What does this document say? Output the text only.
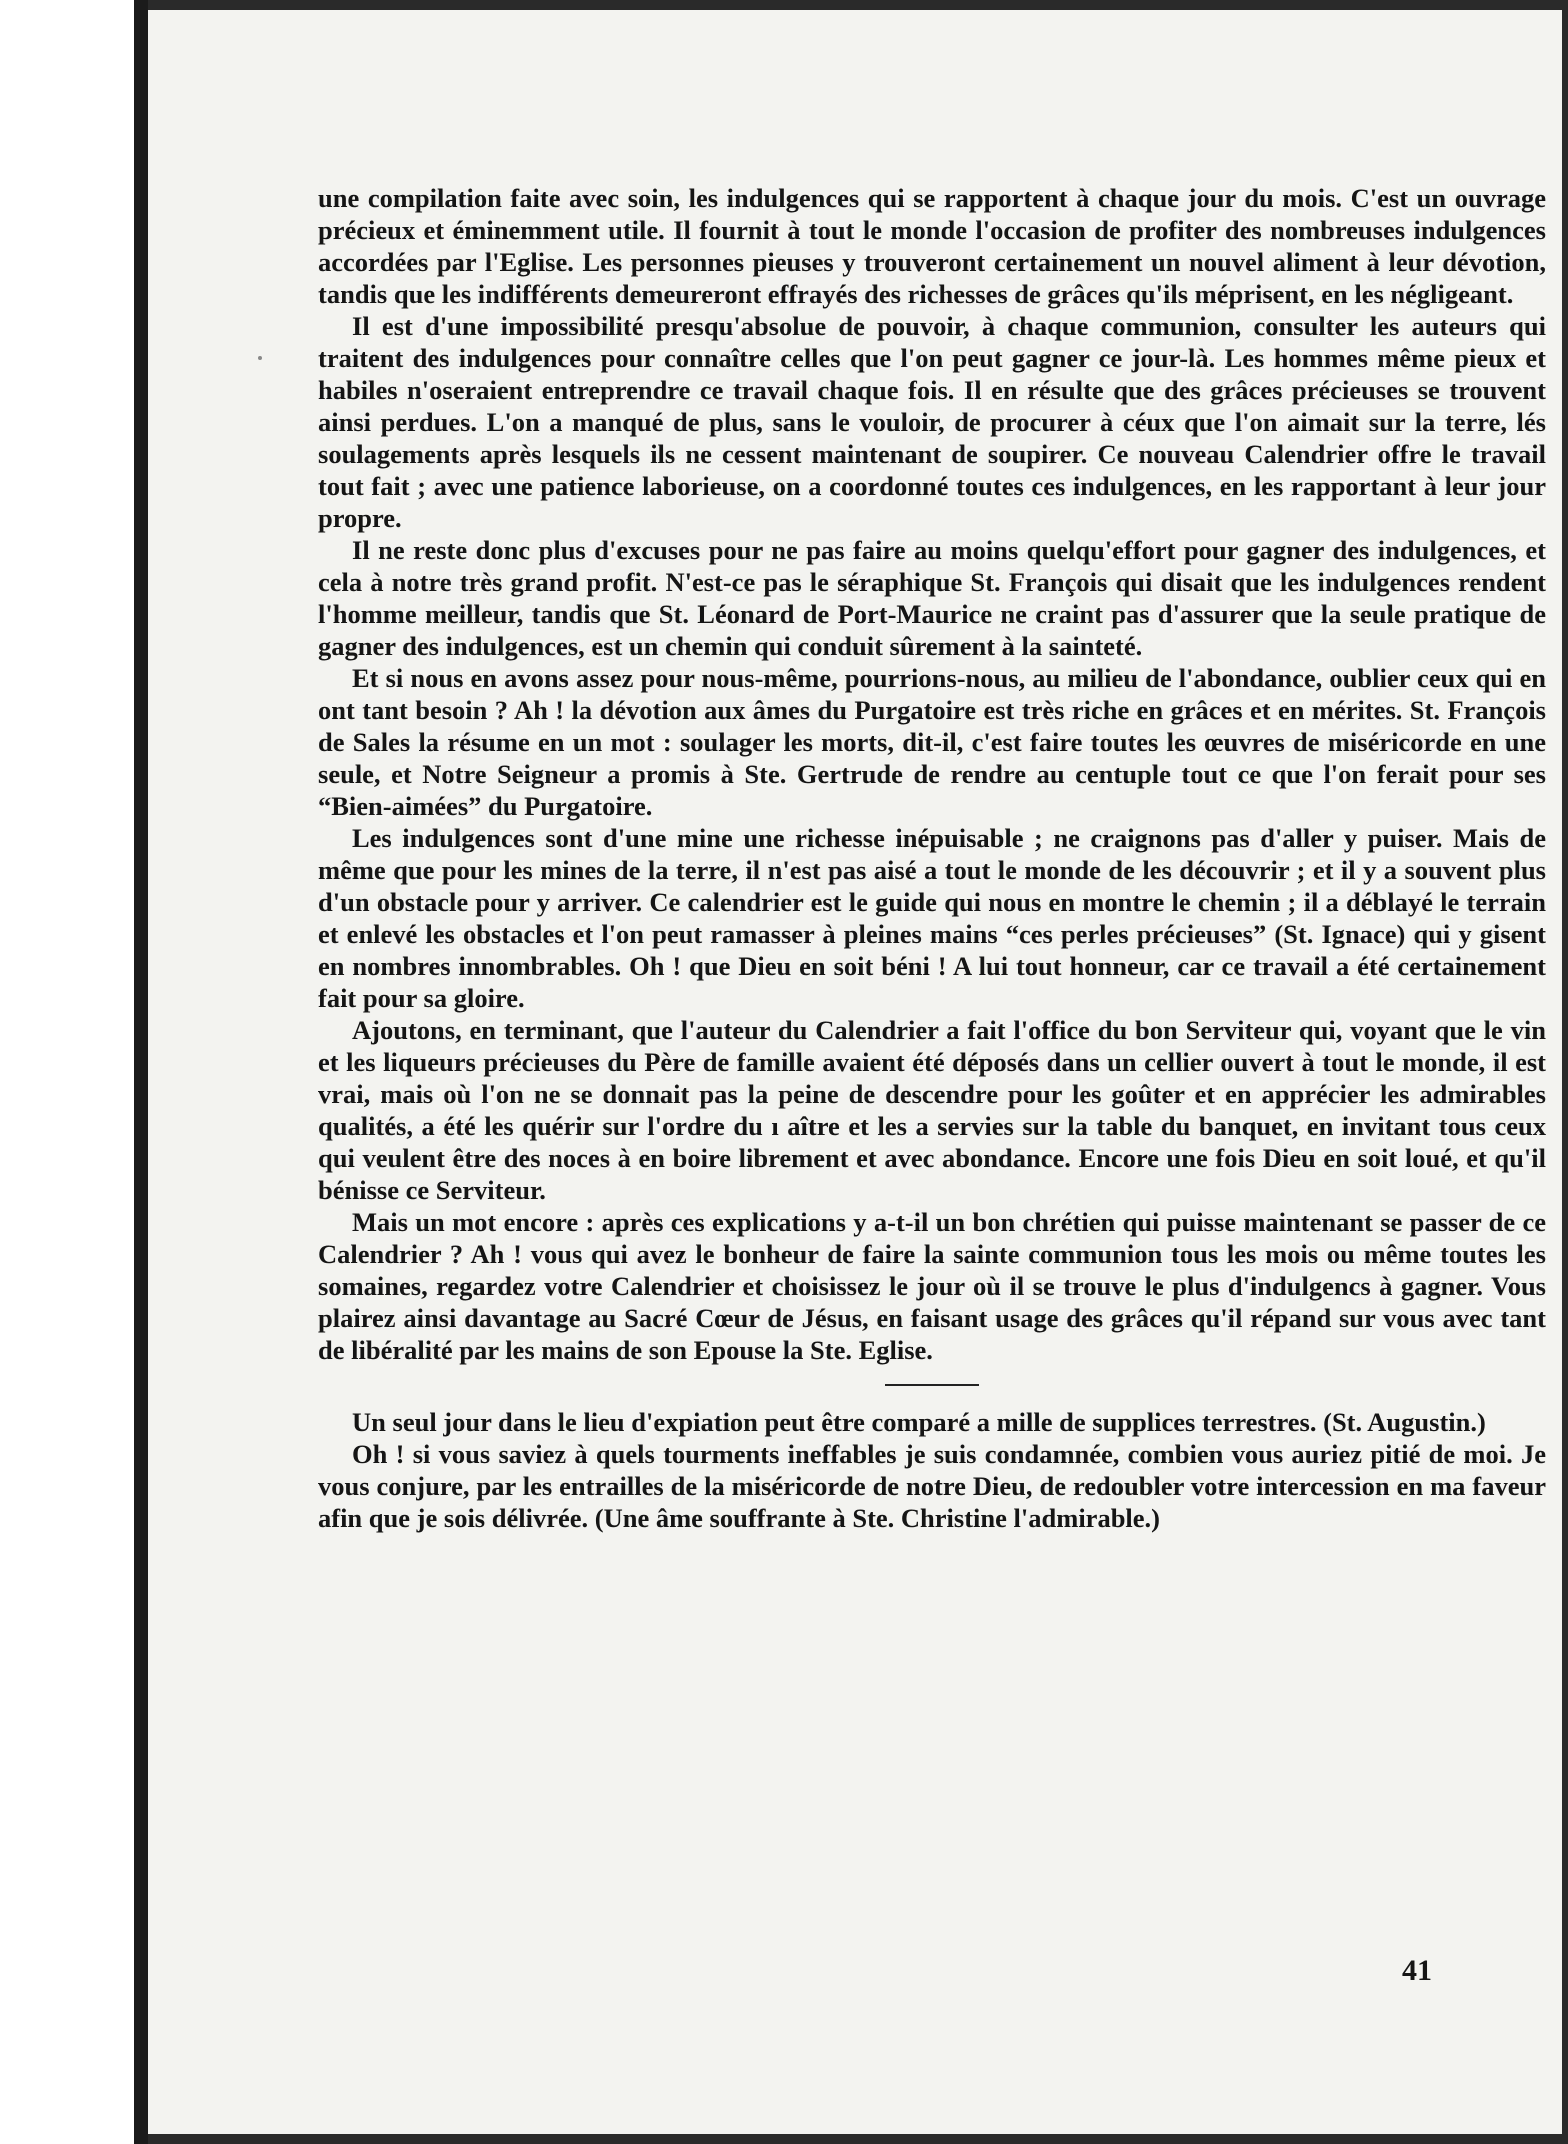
une compilation faite avec soin, les indulgences qui se rapportent à chaque jour du mois. C'est un ouvrage précieux et éminemment utile. Il fournit à tout le monde l'occasion de profiter des nombreuses indulgences accordées par l'Eglise. Les personnes pieuses y trouveront certainement un nouvel aliment à leur dévotion, tandis que les indifférents demeureront effrayés des richesses de grâces qu'ils méprisent, en les négligeant.

Il est d'une impossibilité presqu'absolue de pouvoir, à chaque communion, consulter les auteurs qui traitent des indulgences pour connaître celles que l'on peut gagner ce jour-là. Les hommes même pieux et habiles n'oseraient entreprendre ce travail chaque fois. Il en résulte que des grâces précieuses se trouvent ainsi perdues. L'on a manqué de plus, sans le vouloir, de procurer à céux que l'on aimait sur la terre, lés soulagements après lesquels ils ne cessent maintenant de soupirer. Ce nouveau Calendrier offre le travail tout fait ; avec une patience laborieuse, on a coordonné toutes ces indulgences, en les rapportant à leur jour propre.

Il ne reste donc plus d'excuses pour ne pas faire au moins quelqu'effort pour gagner des indulgences, et cela à notre très grand profit. N'est-ce pas le séraphique St. François qui disait que les indulgences rendent l'homme meilleur, tandis que St. Léonard de Port-Maurice ne craint pas d'assurer que la seule pratique de gagner des indulgences, est un chemin qui conduit sûrement à la sainteté.

Et si nous en avons assez pour nous-même, pourrions-nous, au milieu de l'abondance, oublier ceux qui en ont tant besoin ? Ah ! la dévotion aux âmes du Purgatoire est très riche en grâces et en mérites. St. François de Sales la résume en un mot : soulager les morts, dit-il, c'est faire toutes les œuvres de miséricorde en une seule, et Notre Seigneur a promis à Ste. Gertrude de rendre au centuple tout ce que l'on ferait pour ses “Bien-aimées” du Purgatoire.

Les indulgences sont d'une mine une richesse inépuisable ; ne craignons pas d'aller y puiser. Mais de même que pour les mines de la terre, il n'est pas aisé a tout le monde de les découvrir ; et il y a souvent plus d'un obstacle pour y arriver. Ce calendrier est le guide qui nous en montre le chemin ; il a déblayé le terrain et enlevé les obstacles et l'on peut ramasser à pleines mains “ces perles précieuses” (St. Ignace) qui y gisent en nombres innombrables. Oh ! que Dieu en soit béni ! A lui tout honneur, car ce travail a été certainement fait pour sa gloire.

Ajoutons, en terminant, que l'auteur du Calendrier a fait l'office du bon Serviteur qui, voyant que le vin et les liqueurs précieuses du Père de famille avaient été déposés dans un cellier ouvert à tout le monde, il est vrai, mais où l'on ne se donnait pas la peine de descendre pour les goûter et en apprécier les admirables qualités, a été les quérir sur l'ordre du ı aître et les a servies sur la table du banquet, en invitant tous ceux qui veulent être des noces à en boire librement et avec abondance. Encore une fois Dieu en soit loué, et qu'il bénisse ce Serviteur.

Mais un mot encore : après ces explications y a-t-il un bon chrétien qui puisse maintenant se passer de ce Calendrier ? Ah ! vous qui avez le bonheur de faire la sainte communion tous les mois ou même toutes les somaines, regardez votre Calendrier et choisissez le jour où il se trouve le plus d'indulgencs à gagner. Vous plairez ainsi davantage au Sacré Cœur de Jésus, en faisant usage des grâces qu'il répand sur vous avec tant de libéralité par les mains de son Epouse la Ste. Eglise.

Un seul jour dans le lieu d'expiation peut être comparé a mille de supplices terrestres. (St. Augustin.)

Oh ! si vous saviez à quels tourments ineffables je suis condamnée, combien vous auriez pitié de moi. Je vous conjure, par les entrailles de la miséricorde de notre Dieu, de redoubler votre intercession en ma faveur afin que je sois délivrée. (Une âme souffrante à Ste. Christine l'admirable.)

41
